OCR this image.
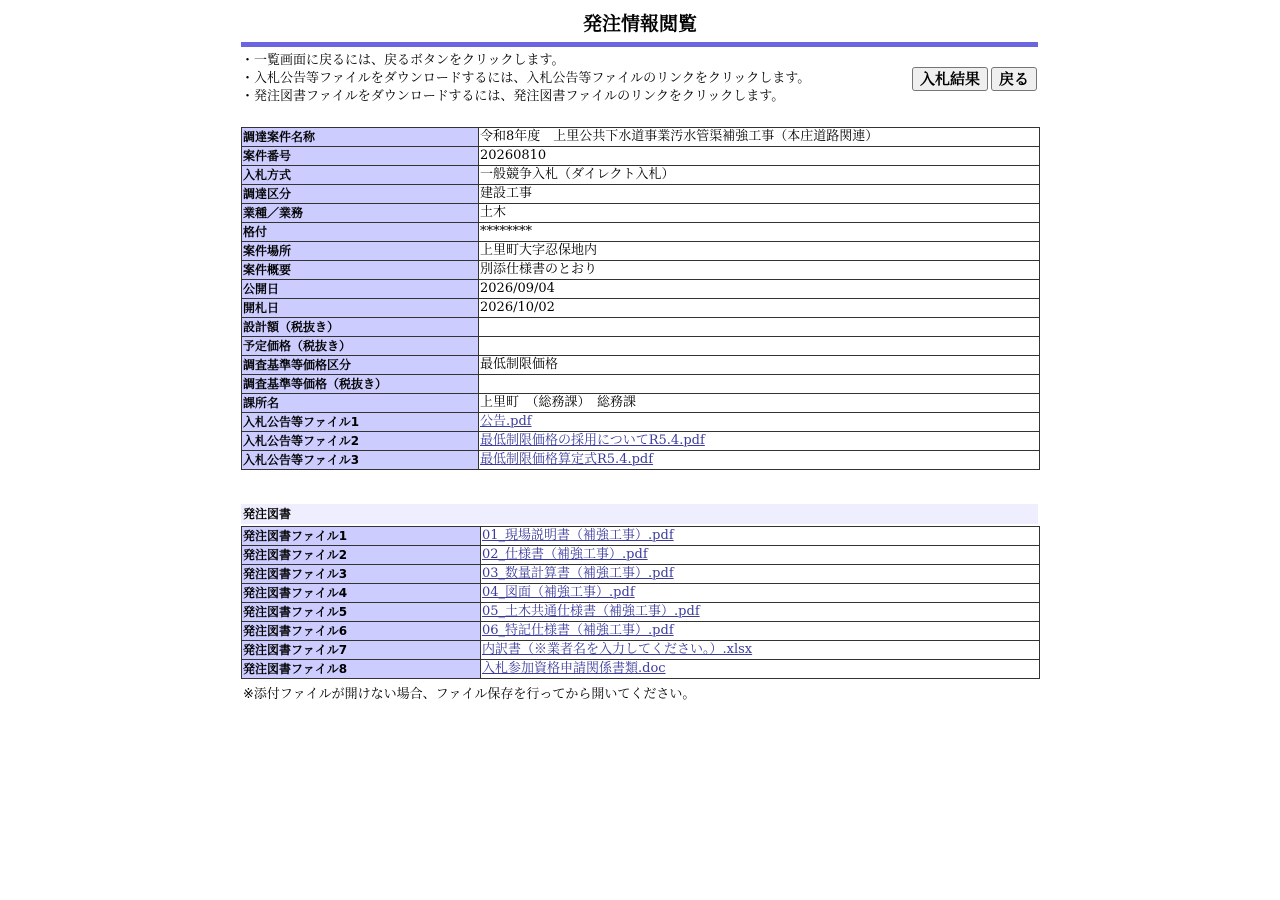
発注情報閲覧
・一覧画面に戻るには、戻るボタンをクリックします。
・入札公告等ファイルをダウンロードするには、入札公告等ファイルのリンクをクリックします。
・発注図書ファイルをダウンロードするには、発注図書ファイルのリンクをクリックします。
入札結果	戻る
調達案件名称	令和8年度　上里公共下水道事業汚水管渠補強工事（本庄道路関連）
案件番号	20260810
入札方式	一般競争入札（ダイレクト入札）
調達区分	建設工事
業種／業務	土木
格付	********
案件場所	上里町大字忍保地内
案件概要	別添仕様書のとおり
公開日	2026/09/04
開札日	2026/10/02
設計額（税抜き）	
予定価格（税抜き）	
調査基準等価格区分	最低制限価格
調査基準等価格（税抜き）	
課所名	上里町　（総務課）　総務課
入札公告等ファイル1	公告.pdf
入札公告等ファイル2	最低制限価格の採用についてR5.4.pdf
入札公告等ファイル3	最低制限価格算定式R5.4.pdf
発注図書
発注図書ファイル1	01_現場説明書（補強工事）.pdf
発注図書ファイル2	02_仕様書（補強工事）.pdf
発注図書ファイル3	03_数量計算書（補強工事）.pdf
発注図書ファイル4	04_図面（補強工事）.pdf
発注図書ファイル5	05_土木共通仕様書（補強工事）.pdf
発注図書ファイル6	06_特記仕様書（補強工事）.pdf
発注図書ファイル7	内訳書（※業者名を入力してください。）.xlsx
発注図書ファイル8	入札参加資格申請関係書類.doc
※添付ファイルが開けない場合、ファイル保存を行ってから開いてください。
